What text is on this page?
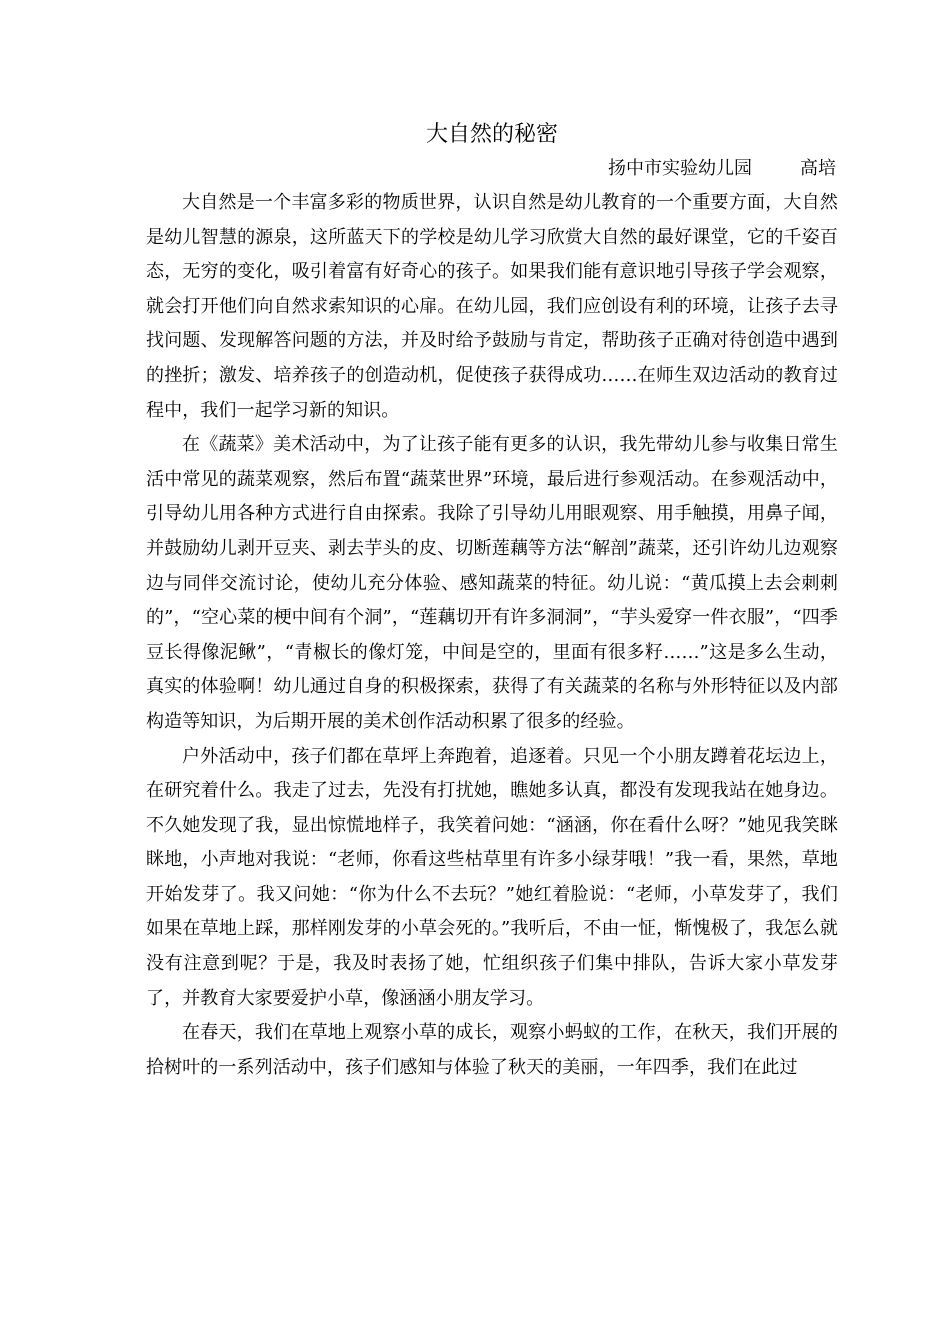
大自然的秘密

扬中市实验幼儿园	高培

大自然是一个丰富多彩的物质世界，认识自然是幼儿教育的一个重要方面，大自然是幼儿智慧的源泉，这所蓝天下的学校是幼儿学习欣赏大自然的最好课堂，它的千姿百态，无穷的变化，吸引着富有好奇心的孩子。如果我们能有意识地引导孩子学会观察，就会打开他们向自然求索知识的心扉。在幼儿园，我们应创设有利的环境，让孩子去寻找问题、发现解答问题的方法，并及时给予鼓励与肯定，帮助孩子正确对待创造中遇到的挫折；激发、培养孩子的创造动机，促使孩子获得成功……在师生双边活动的教育过程中，我们一起学习新的知识。

在《蔬菜》美术活动中，为了让孩子能有更多的认识，我先带幼儿参与收集日常生活中常见的蔬菜观察，然后布置“蔬菜世界”环境，最后进行参观活动。在参观活动中，引导幼儿用各种方式进行自由探索。我除了引导幼儿用眼观察、用手触摸，用鼻子闻，并鼓励幼儿剥开豆夹、剥去芋头的皮、切断莲藕等方法“解剖”蔬菜，还引许幼儿边观察边与同伴交流讨论，使幼儿充分体验、感知蔬菜的特征。幼儿说：“黄瓜摸上去会刺刺的”，“空心菜的梗中间有个洞”，“莲藕切开有许多洞洞”，“芋头爱穿一件衣服”，“四季豆长得像泥鳅”，“青椒长的像灯笼，中间是空的，里面有很多籽……”这是多么生动，真实的体验啊！幼儿通过自身的积极探索，获得了有关蔬菜的名称与外形特征以及内部构造等知识，为后期开展的美术创作活动积累了很多的经验。

户外活动中，孩子们都在草坪上奔跑着，追逐着。只见一个小朋友蹲着花坛边上，在研究着什么。我走了过去，先没有打扰她，瞧她多认真，都没有发现我站在她身边。不久她发现了我，显出惊慌地样子，我笑着问她：“涵涵，你在看什么呀？”她见我笑眯眯地，小声地对我说：“老师，你看这些枯草里有许多小绿芽哦！”我一看，果然，草地开始发芽了。我又问她：“你为什么不去玩？”她红着脸说：“老师，小草发芽了，我们如果在草地上踩，那样刚发芽的小草会死的。”我听后，不由一怔，惭愧极了，我怎么就没有注意到呢？于是，我及时表扬了她，忙组织孩子们集中排队，告诉大家小草发芽了，并教育大家要爱护小草，像涵涵小朋友学习。

在春天，我们在草地上观察小草的成长，观察小蚂蚁的工作，在秋天，我们开展的拾树叶的一系列活动中，孩子们感知与体验了秋天的美丽，一年四季，我们在此过
